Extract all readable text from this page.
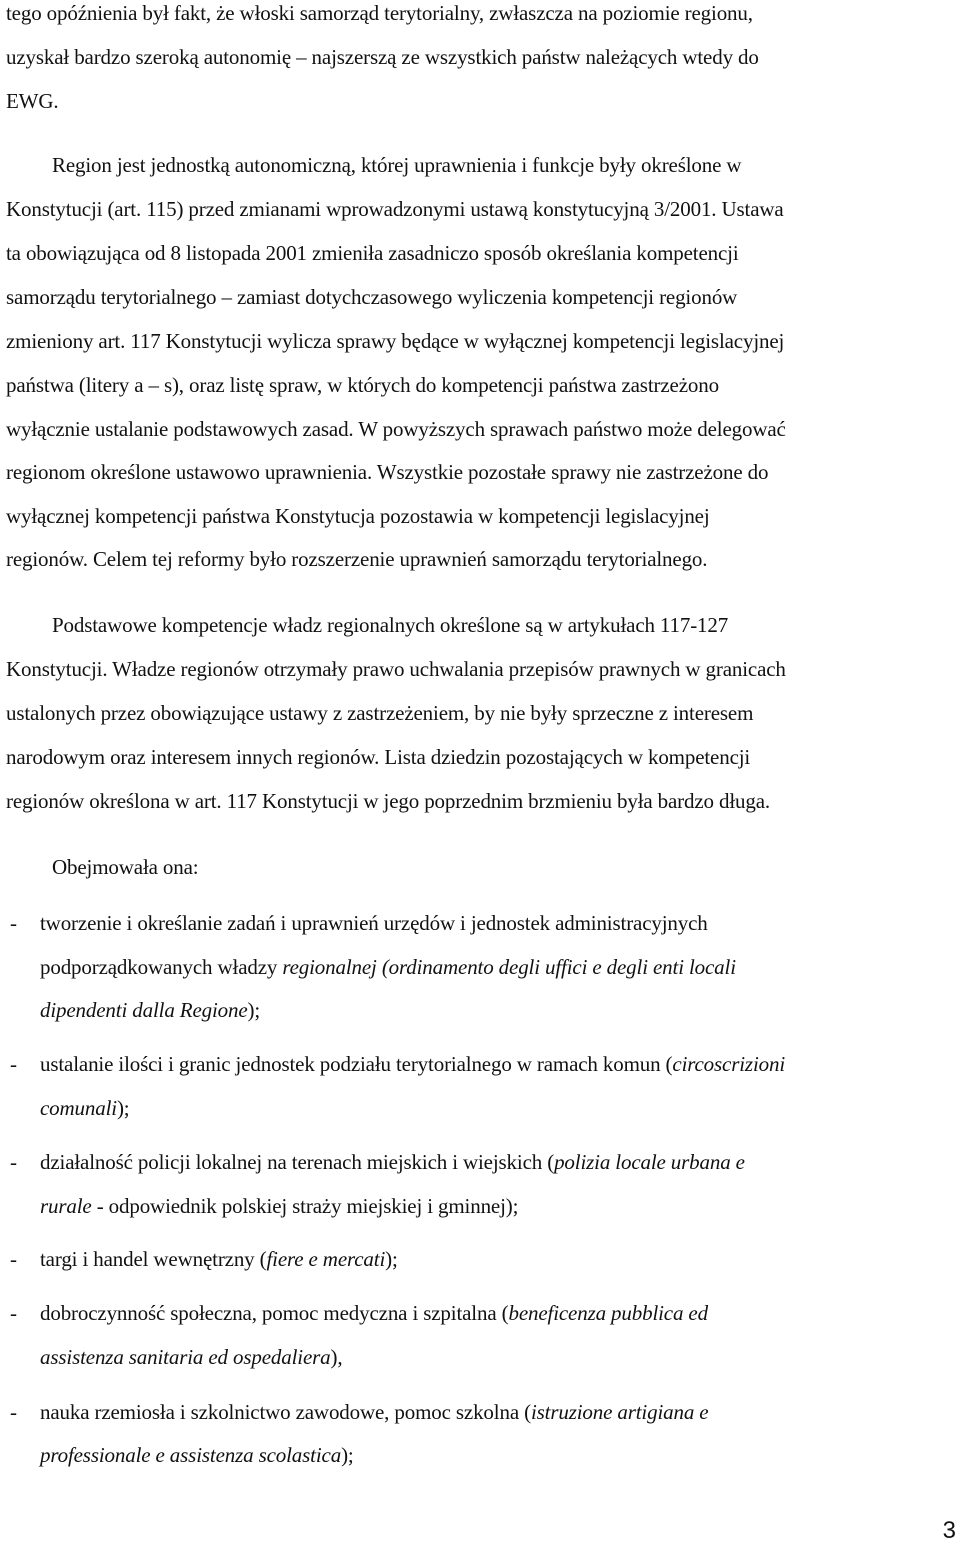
tego opóźnienia był fakt, że włoski samorząd terytorialny, zwłaszcza na poziomie regionu,
uzyskał bardzo szeroką autonomię – najszerszą ze wszystkich państw należących wtedy do
EWG.
Region jest jednostką autonomiczną, której uprawnienia i funkcje były określone w
Konstytucji (art. 115) przed zmianami wprowadzonymi ustawą konstytucyjną 3/2001. Ustawa
ta obowiązująca od 8 listopada 2001 zmieniła zasadniczo sposób określania kompetencji
samorządu terytorialnego – zamiast dotychczasowego wyliczenia kompetencji regionów
zmieniony art. 117 Konstytucji wylicza sprawy będące w wyłącznej kompetencji legislacyjnej
państwa (litery a – s), oraz listę spraw, w których do kompetencji państwa zastrzeżono
wyłącznie ustalanie podstawowych zasad. W powyższych sprawach państwo może delegować
regionom określone ustawowo uprawnienia. Wszystkie pozostałe sprawy nie zastrzeżone do
wyłącznej kompetencji państwa Konstytucja pozostawia w kompetencji legislacyjnej
regionów. Celem tej reformy było rozszerzenie uprawnień samorządu terytorialnego.
Podstawowe kompetencje władz regionalnych określone są w artykułach 117-127
Konstytucji. Władze regionów otrzymały prawo uchwalania przepisów prawnych w granicach
ustalonych przez obowiązujące ustawy z zastrzeżeniem, by nie były sprzeczne z interesem
narodowym oraz interesem innych regionów. Lista dziedzin pozostających w kompetencji
regionów określona w art. 117 Konstytucji w jego poprzednim brzmieniu była bardzo długa.
Obejmowała ona:
- tworzenie i określanie zadań i uprawnień urzędów i jednostek administracyjnych
podporządkowanych władzy regionalnej (ordinamento degli uffici e degli enti locali
dipendenti dalla Regione);
- ustalanie ilości i granic jednostek podziału terytorialnego w ramach komun (circoscrizioni
comunali);
- działalność policji lokalnej na terenach miejskich i wiejskich (polizia locale urbana e
rurale - odpowiednik polskiej straży miejskiej i gminnej);
- targi i handel wewnętrzny (fiere e mercati);
- dobroczynność społeczna, pomoc medyczna i szpitalna (beneficenza pubblica ed
assistenza sanitaria ed ospedaliera),
- nauka rzemiosła i szkolnictwo zawodowe, pomoc szkolna (istruzione artigiana e
professionale e assistenza scolastica);
3
